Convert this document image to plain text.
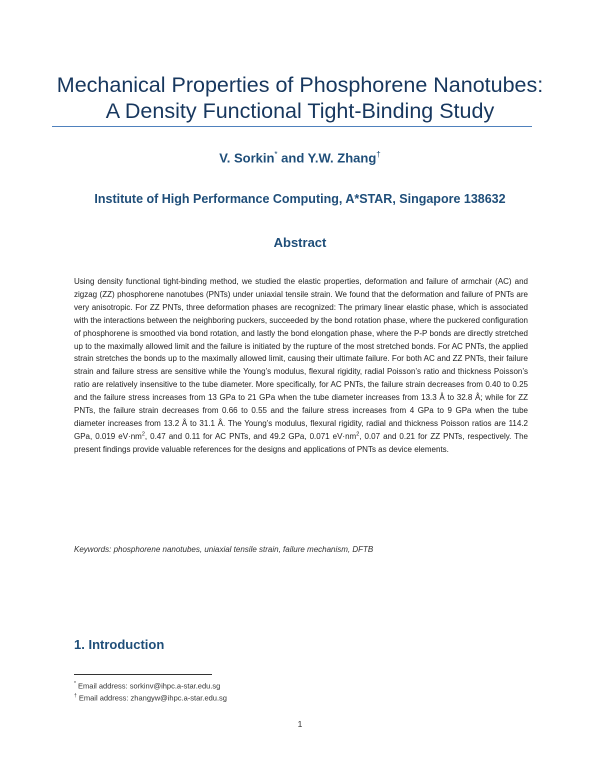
Mechanical Properties of Phosphorene Nanotubes:
A Density Functional Tight-Binding Study
V. Sorkin* and Y.W. Zhang†
Institute of High Performance Computing, A*STAR, Singapore 138632
Abstract
Using density functional tight-binding method, we studied the elastic properties, deformation and failure of armchair (AC) and zigzag (ZZ) phosphorene nanotubes (PNTs) under uniaxial tensile strain. We found that the deformation and failure of PNTs are very anisotropic. For ZZ PNTs, three deformation phases are recognized: The primary linear elastic phase, which is associated with the interactions between the neighboring puckers, succeeded by the bond rotation phase, where the puckered configuration of phosphorene is smoothed via bond rotation, and lastly the bond elongation phase, where the P-P bonds are directly stretched up to the maximally allowed limit and the failure is initiated by the rupture of the most stretched bonds. For AC PNTs, the applied strain stretches the bonds up to the maximally allowed limit, causing their ultimate failure. For both AC and ZZ PNTs, their failure strain and failure stress are sensitive while the Young’s modulus, flexural rigidity, radial Poisson’s ratio and thickness Poisson’s ratio are relatively insensitive to the tube diameter. More specifically, for AC PNTs, the failure strain decreases from 0.40 to 0.25 and the failure stress increases from 13 GPa to 21 GPa when the tube diameter increases from 13.3 Å to 32.8 Å; while for ZZ PNTs, the failure strain decreases from 0.66 to 0.55 and the failure stress increases from 4 GPa to 9 GPa when the tube diameter increases from 13.2 Å to 31.1 Å. The Young’s modulus, flexural rigidity, radial and thickness Poisson ratios are 114.2 GPa, 0.019 $eV\cdot nm^2$, 0.47 and 0.11 for AC PNTs, and 49.2 GPa, 0.071 $eV\cdot nm^2$, 0.07 and 0.21 for ZZ PNTs, respectively. The present findings provide valuable references for the designs and applications of PNTs as device elements.
Keywords: phosphorene nanotubes, uniaxial tensile strain, failure mechanism, DFTB
1. Introduction
* Email address: sorkinv@ihpc.a-star.edu.sg
† Email address: zhangyw@ihpc.a-star.edu.sg
1
